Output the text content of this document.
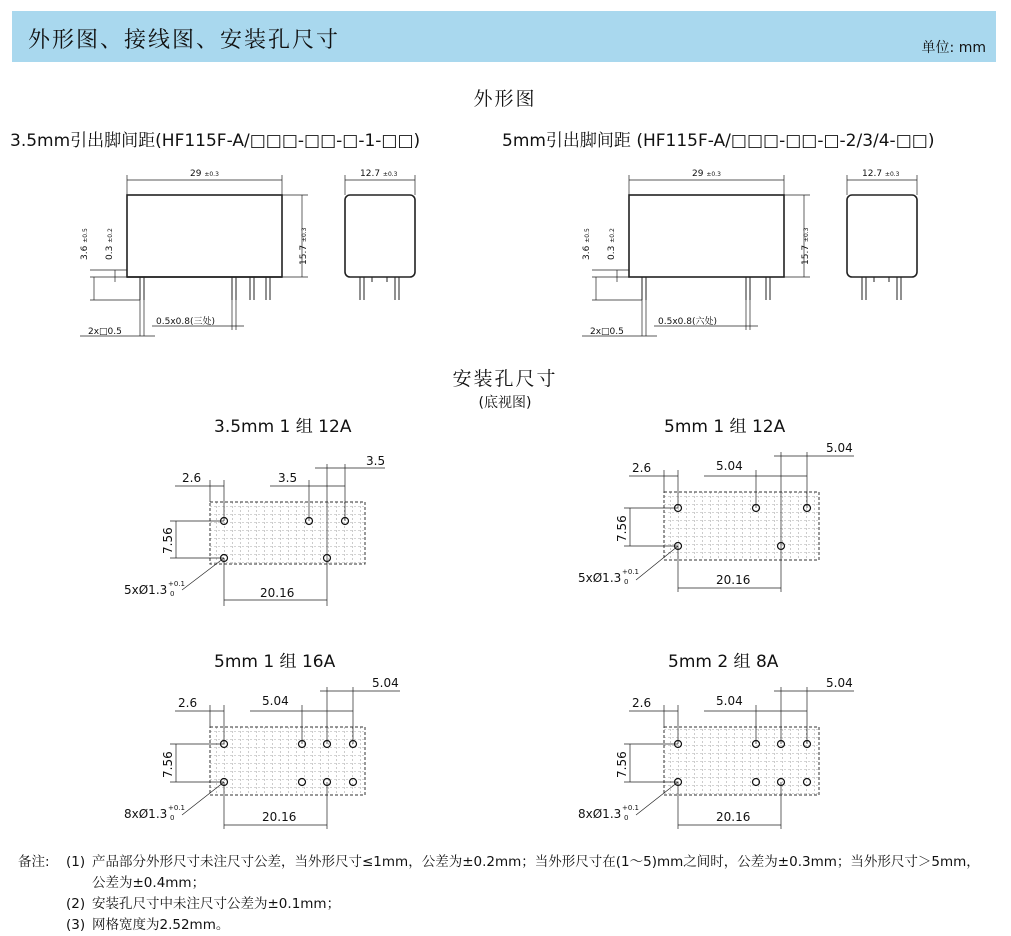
外形图、接线图、安装孔尺寸	单位: mm
外形图
3.5mm引出脚间距(HF115F-A/□□□-□□-□-1-□□)	5mm引出脚间距 (HF115F-A/□□□-□□-□-2/3/4-□□)
29 ±0.3	12.7 ±0.3
15.7 ±0.3
3.6 ±0.5
0.3 ±0.2
2x□0.5
0.5x0.8(三处)
29 ±0.3	12.7 ±0.3
15.7 ±0.3
3.6 ±0.5
0.3 ±0.2
2x□0.5
0.5x0.8(六处)
安装孔尺寸
(底视图)
3.5mm 1 组 12A	5mm 1 组 12A
5mm 1 组 16A	5mm 2 组 8A
2.6	3.5
3.5
7.56
20.16
5xØ1.3 +0.1
0
2.6	5.04
5.04
7.56
20.16
5xØ1.3 +0.1
0
2.6	5.04
5.04
7.56
20.16
8xØ1.3 +0.1
0
2.6	5.04
5.04
7.56
20.16
8xØ1.3 +0.1
0
备注:	(1) 产品部分外形尺寸未注尺寸公差，当外形尺寸≤1mm，公差为±0.2mm；当外形尺寸在(1～5)mm之间时，公差为±0.3mm；当外形尺寸＞5mm，公差为±0.4mm；
(2) 安装孔尺寸中未注尺寸公差为±0.1mm；
(3) 网格宽度为2.52mm。
